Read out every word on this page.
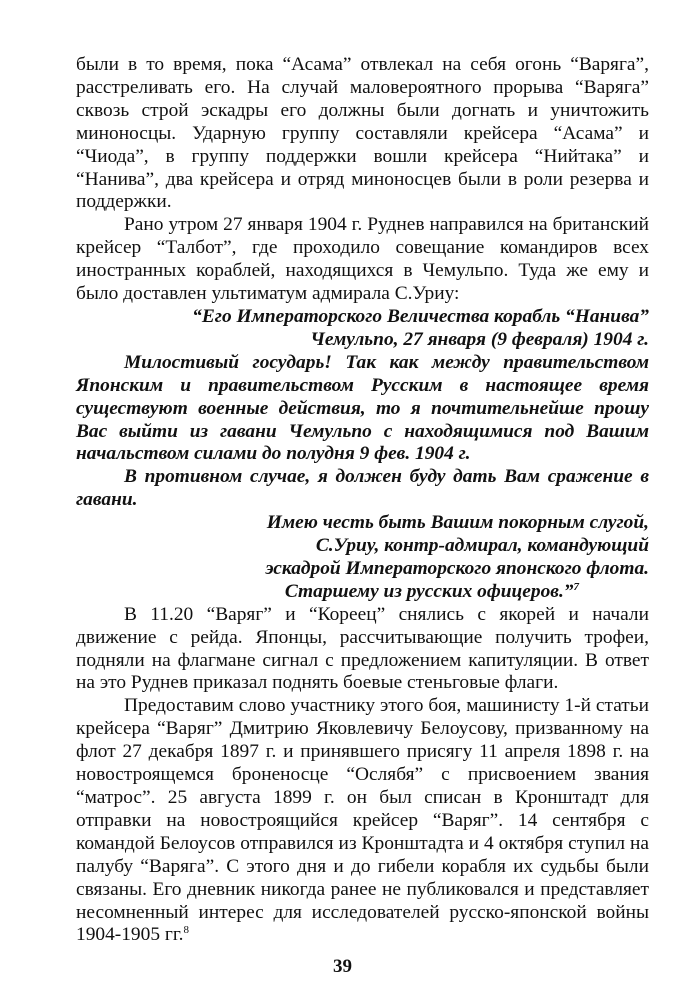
были в то время, пока “Асама” отвлекал на себя огонь “Варяга”, расстреливать его. На случай маловероятного прорыва “Варяга” сквозь строй эскадры его должны были догнать и уничтожить миноносцы. Ударную группу составляли крейсера “Асама” и “Чиода”, в группу поддержки вошли крейсера “Нийтака” и “Нанива”, два крейсера и отряд миноносцев были в роли резерва и поддержки.

Рано утром 27 января 1904 г. Руднев направился на британский крейсер “Талбот”, где проходило совещание командиров всех иностранных кораблей, находящихся в Чемульпо. Туда же ему и было доставлен ультиматум адмирала С.Уриу:

“Его Императорского Величества корабль “Нанива”

Чемульпо, 27 января (9 февраля) 1904 г.

Милостивый государь! Так как между правительством Японским и правительством Русским в настоящее время существуют военные действия, то я почтительнейше прошу Вас выйти из гавани Чемульпо с находящимися под Вашим начальством силами до полудня 9 фев. 1904 г.

В противном случае, я должен буду дать Вам сражение в гавани.

Имею честь быть Вашим покорным слугой,

С.Уриу, контр-адмирал, командующий

эскадрой Императорского японского флота.

Старшему из русских офицеров.”$^7$

В 11.20 “Варяг” и “Кореец” снялись с якорей и начали движение с рейда. Японцы, рассчитывающие получить трофеи, подняли на флагмане сигнал с предложением капитуляции. В ответ на это Руднев приказал поднять боевые стеньговые флаги.

Предоставим слово участнику этого боя, машинисту 1-й статьи крейсера “Варяг” Дмитрию Яковлевичу Белоусову, призванному на флот 27 декабря 1897 г. и принявшего присягу 11 апреля 1898 г. на новостроящемся броненосце “Ослябя” с присвоением звания “матрос”. 25 августа 1899 г. он был списан в Кронштадт для отправки на новостроящийся крейсер “Варяг”. 14 сентября с командой Белоусов отправился из Кронштадта и 4 октября ступил на палубу “Варяга”. С этого дня и до гибели корабля их судьбы были связаны. Его дневник никогда ранее не публиковался и представляет несомненный интерес для исследователей русско-японской войны 1904-1905 гг.$^8$

39
